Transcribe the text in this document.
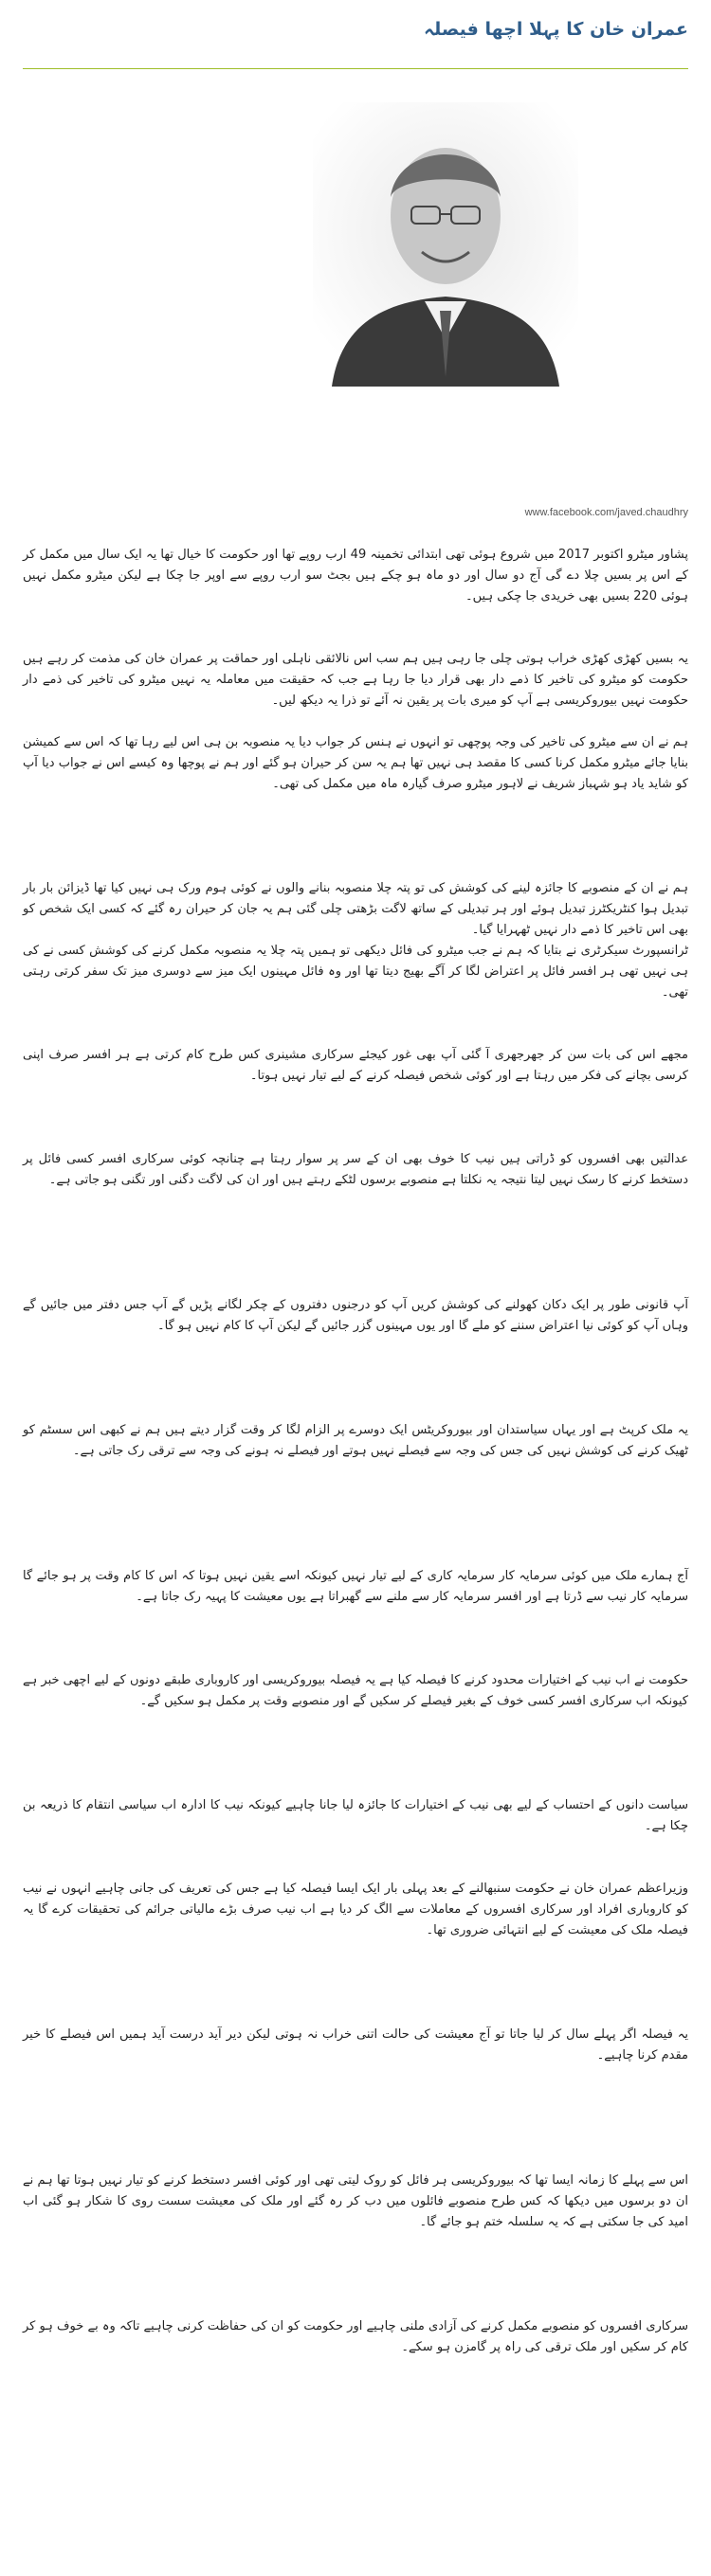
عمران خان کا پہلا اچھا فیصلہ

www.facebook.com/javed.chaudhry

پشاور میٹرو اکتوبر 2017 میں شروع ہوئی تھی ابتدائی تخمینہ 49 ارب روپے تھا اور حکومت کا خیال تھا یہ ایک سال میں مکمل کر کے اس پر بسیں چلا دے گی آج دو سال اور دو ماہ ہو چکے ہیں بجٹ سو ارب روپے سے اوپر جا چکا ہے لیکن میٹرو مکمل نہیں ہوئی 220 بسیں بھی خریدی جا چکی ہیں۔

یہ بسیں کھڑی کھڑی خراب ہوتی چلی جا رہی ہیں ہم سب اس نالائقی ناہلی اور حماقت پر عمران خان کی مذمت کر رہے ہیں حکومت کو میٹرو کی تاخیر کا ذمے دار بھی قرار دیا جا رہا ہے جب کہ حقیقت میں معاملہ یہ نہیں میٹرو کی تاخیر کی ذمے دار حکومت نہیں بیوروکریسی ہے آپ کو میری بات پر یقین نہ آئے تو ذرا یہ دیکھ لیں۔

ہم نے ان سے میٹرو کی تاخیر کی وجہ پوچھی تو انہوں نے ہنس کر جواب دیا یہ منصوبہ بن ہی اس لیے رہا تھا کہ اس سے کمیشن بنایا جائے میٹرو مکمل کرنا کسی کا مقصد ہی نہیں تھا ہم یہ سن کر حیران ہو گئے اور ہم نے پوچھا وہ کیسے اس نے جواب دیا آپ کو شاید یاد ہو شہباز شریف نے لاہور میٹرو صرف گیارہ ماہ میں مکمل کی تھی۔

ہم نے ان کے منصوبے کا جائزہ لینے کی کوشش کی تو پتہ چلا منصوبہ بنانے والوں نے کوئی ہوم ورک ہی نہیں کیا تھا ڈیزائن بار بار تبدیل ہوا کنٹریکٹرز تبدیل ہوئے اور ہر تبدیلی کے ساتھ لاگت بڑھتی چلی گئی ہم یہ جان کر حیران رہ گئے کہ کسی ایک شخص کو بھی اس تاخیر کا ذمے دار نہیں ٹھہرایا گیا۔

ٹرانسپورٹ سیکرٹری نے بتایا کہ ہم نے جب میٹرو کی فائل دیکھی تو ہمیں پتہ چلا یہ منصوبہ مکمل کرنے کی کوشش کسی نے کی ہی نہیں تھی ہر افسر فائل پر اعتراض لگا کر آگے بھیج دیتا تھا اور وہ فائل مہینوں ایک میز سے دوسری میز تک سفر کرتی رہتی تھی۔

مجھے اس کی بات سن کر جھرجھری آ گئی آپ بھی غور کیجئے سرکاری مشینری کس طرح کام کرتی ہے ہر افسر صرف اپنی کرسی بچانے کی فکر میں رہتا ہے اور کوئی شخص فیصلہ کرنے کے لیے تیار نہیں ہوتا۔

عدالتیں بھی افسروں کو ڈراتی ہیں نیب کا خوف بھی ان کے سر پر سوار رہتا ہے چنانچہ کوئی سرکاری افسر کسی فائل پر دستخط کرنے کا رسک نہیں لیتا نتیجہ یہ نکلتا ہے منصوبے برسوں لٹکے رہتے ہیں اور ان کی لاگت دگنی اور تگنی ہو جاتی ہے۔

آپ قانونی طور پر ایک دکان کھولنے کی کوشش کریں آپ کو درجنوں دفتروں کے چکر لگانے پڑیں گے آپ جس دفتر میں جائیں گے وہاں آپ کو کوئی نیا اعتراض سننے کو ملے گا اور یوں مہینوں گزر جائیں گے لیکن آپ کا کام نہیں ہو گا۔

یہ ملک کرپٹ ہے اور یہاں سیاستدان اور بیوروکریٹس ایک دوسرے پر الزام لگا کر وقت گزار دیتے ہیں ہم نے کبھی اس سسٹم کو ٹھیک کرنے کی کوشش نہیں کی جس کی وجہ سے فیصلے نہیں ہوتے اور فیصلے نہ ہونے کی وجہ سے ترقی رک جاتی ہے۔

آج ہمارے ملک میں کوئی سرمایہ کار سرمایہ کاری کے لیے تیار نہیں کیونکہ اسے یقین نہیں ہوتا کہ اس کا کام وقت پر ہو جائے گا سرمایہ کار نیب سے ڈرتا ہے اور افسر سرمایہ کار سے ملنے سے گھبراتا ہے یوں معیشت کا پہیہ رک جاتا ہے۔

حکومت نے اب نیب کے اختیارات محدود کرنے کا فیصلہ کیا ہے یہ فیصلہ بیوروکریسی اور کاروباری طبقے دونوں کے لیے اچھی خبر ہے کیونکہ اب سرکاری افسر کسی خوف کے بغیر فیصلے کر سکیں گے اور منصوبے وقت پر مکمل ہو سکیں گے۔

سیاست دانوں کے احتساب کے لیے بھی نیب کے اختیارات کا جائزہ لیا جانا چاہیے کیونکہ نیب کا ادارہ اب سیاسی انتقام کا ذریعہ بن چکا ہے۔

وزیراعظم عمران خان نے حکومت سنبھالنے کے بعد پہلی بار ایک ایسا فیصلہ کیا ہے جس کی تعریف کی جانی چاہیے انہوں نے نیب کو کاروباری افراد اور سرکاری افسروں کے معاملات سے الگ کر دیا ہے اب نیب صرف بڑے مالیاتی جرائم کی تحقیقات کرے گا یہ فیصلہ ملک کی معیشت کے لیے انتہائی ضروری تھا۔

یہ فیصلہ اگر پہلے سال کر لیا جاتا تو آج معیشت کی حالت اتنی خراب نہ ہوتی لیکن دیر آید درست آید ہمیں اس فیصلے کا خیر مقدم کرنا چاہیے۔

اس سے پہلے کا زمانہ ایسا تھا کہ بیوروکریسی ہر فائل کو روک لیتی تھی اور کوئی افسر دستخط کرنے کو تیار نہیں ہوتا تھا ہم نے ان دو برسوں میں دیکھا کہ کس طرح منصوبے فائلوں میں دب کر رہ گئے اور ملک کی معیشت سست روی کا شکار ہو گئی اب امید کی جا سکتی ہے کہ یہ سلسلہ ختم ہو جائے گا۔

سرکاری افسروں کو منصوبے مکمل کرنے کی آزادی ملنی چاہیے اور حکومت کو ان کی حفاظت کرنی چاہیے تاکہ وہ بے خوف ہو کر کام کر سکیں اور ملک ترقی کی راہ پر گامزن ہو سکے۔
